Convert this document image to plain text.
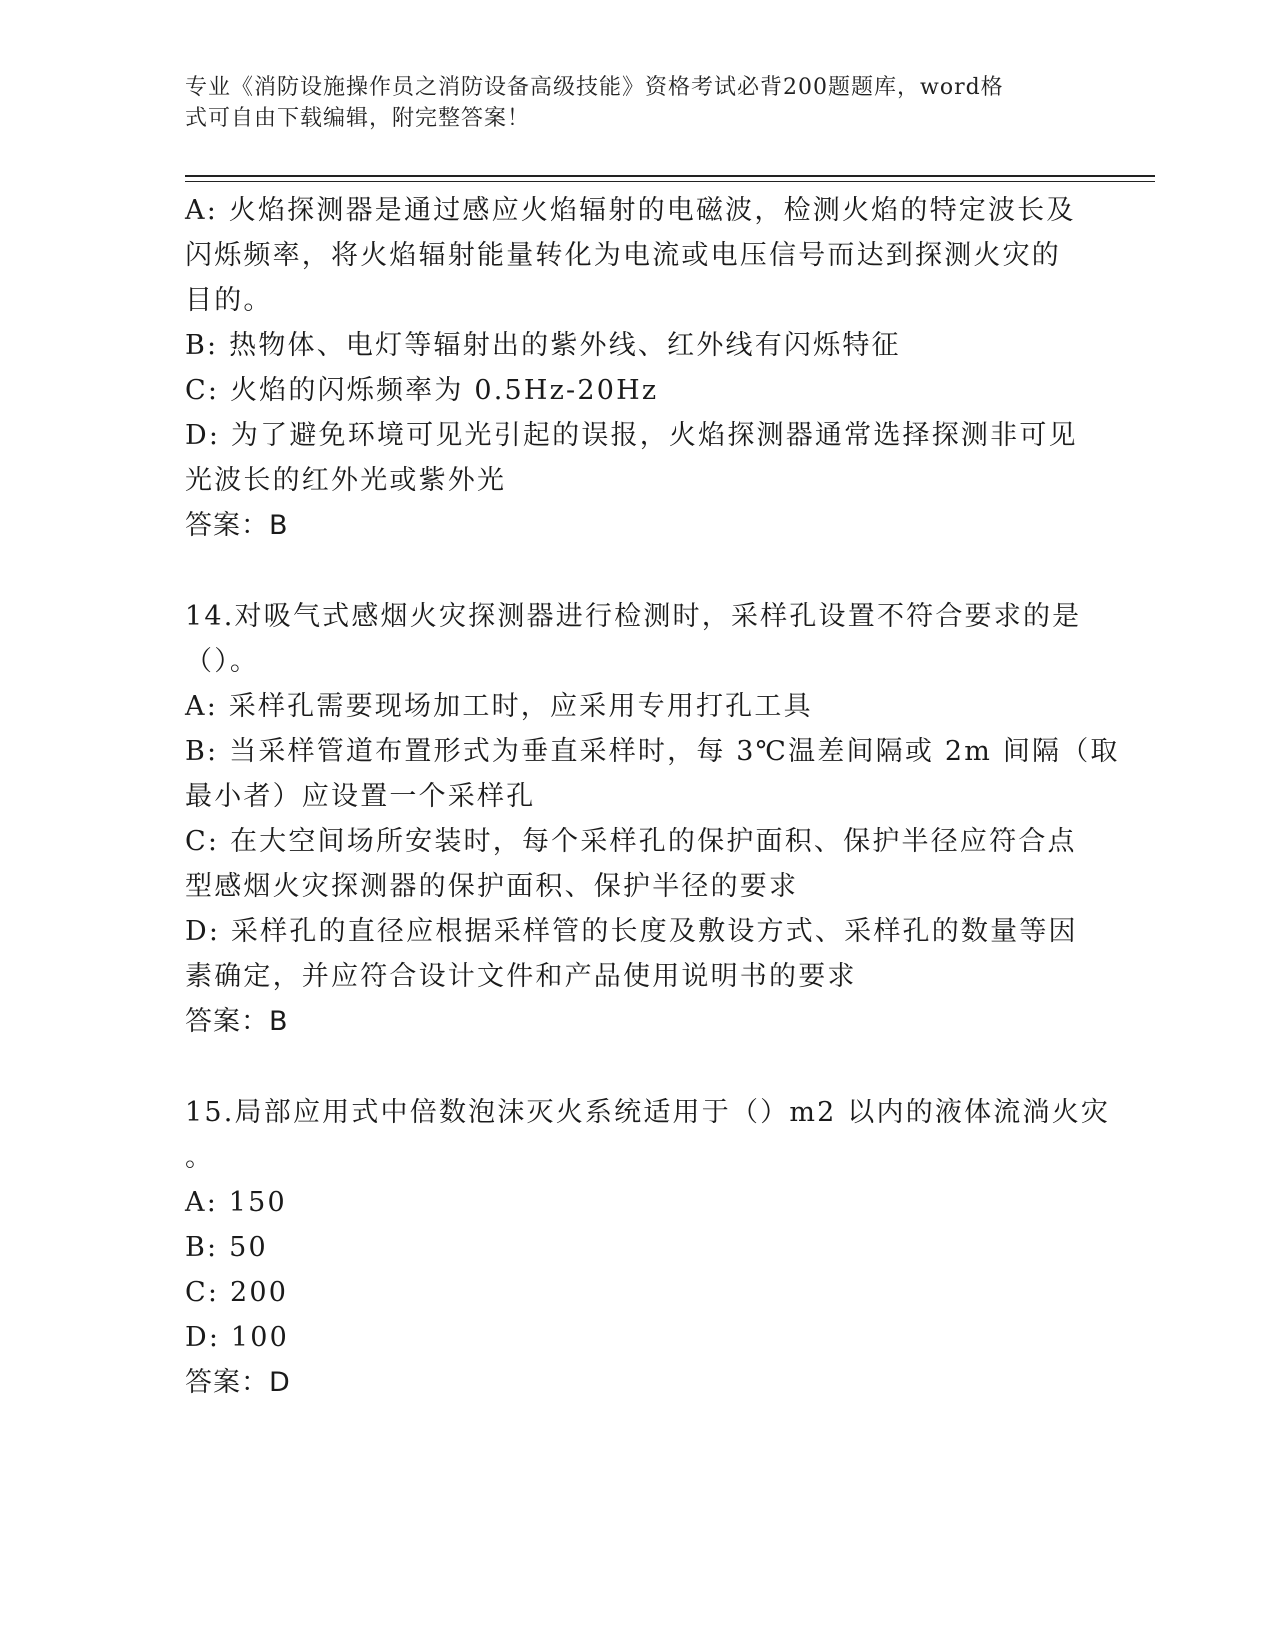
专业《消防设施操作员之消防设备高级技能》资格考试必背200题题库，word格
式可自由下载编辑，附完整答案！
A: 火焰探测器是通过感应火焰辐射的电磁波，检测火焰的特定波长及
闪烁频率，将火焰辐射能量转化为电流或电压信号而达到探测火灾的
目的。
B: 热物体、电灯等辐射出的紫外线、红外线有闪烁特征
C: 火焰的闪烁频率为 0.5Hz-20Hz
D: 为了避免环境可见光引起的误报，火焰探测器通常选择探测非可见
光波长的红外光或紫外光
答案：B
14.对吸气式感烟火灾探测器进行检测时，采样孔设置不符合要求的是
（）。
A: 采样孔需要现场加工时，应采用专用打孔工具
B: 当采样管道布置形式为垂直采样时，每 3℃温差间隔或 2m 间隔（取
最小者）应设置一个采样孔
C: 在大空间场所安装时，每个采样孔的保护面积、保护半径应符合点
型感烟火灾探测器的保护面积、保护半径的要求
D: 采样孔的直径应根据采样管的长度及敷设方式、采样孔的数量等因
素确定，并应符合设计文件和产品使用说明书的要求
答案：B
15.局部应用式中倍数泡沫灭火系统适用于（）m2 以内的液体流淌火灾
。
A: 150
B: 50
C: 200
D: 100
答案：D
